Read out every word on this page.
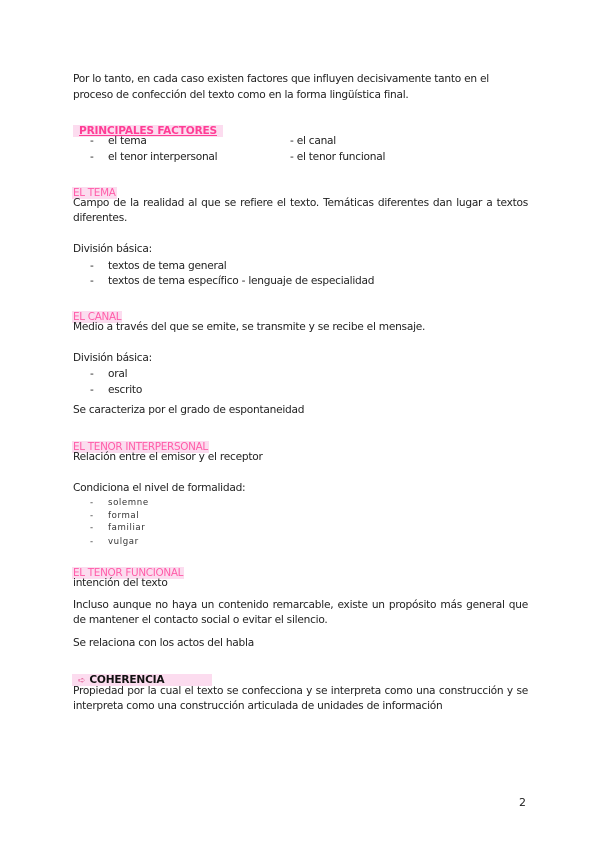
Por lo tanto, en cada caso existen factores que influyen decisivamente tanto en el
proceso de confección del texto como en la forma lingüística final.
PRINCIPALES FACTORES
- el tema
- el tenor interpersonal
- el canal
- el tenor funcional
EL TEMA
Campo de la realidad al que se refiere el texto. Temáticas diferentes dan lugar a textos diferentes.
División básica:
- textos de tema general
- textos de tema específico - lenguaje de especialidad
EL CANAL
Medio a través del que se emite, se transmite y se recibe el mensaje.
División básica:
- oral
- escrito
Se caracteriza por el grado de espontaneidad
EL TENOR INTERPERSONAL
Relación entre el emisor y el receptor
Condiciona el nivel de formalidad:
- solemne
- formal
- familiar
- vulgar
EL TENOR FUNCIONAL
intención del texto
Incluso aunque no haya un contenido remarcable, existe un propósito más general que de mantener el contacto social o evitar el silencio.
Se relaciona con los actos del habla
➪ COHERENCIA
Propiedad por la cual el texto se confecciona y se interpreta como una construcción y se interpreta como una construcción articulada de unidades de información
2
